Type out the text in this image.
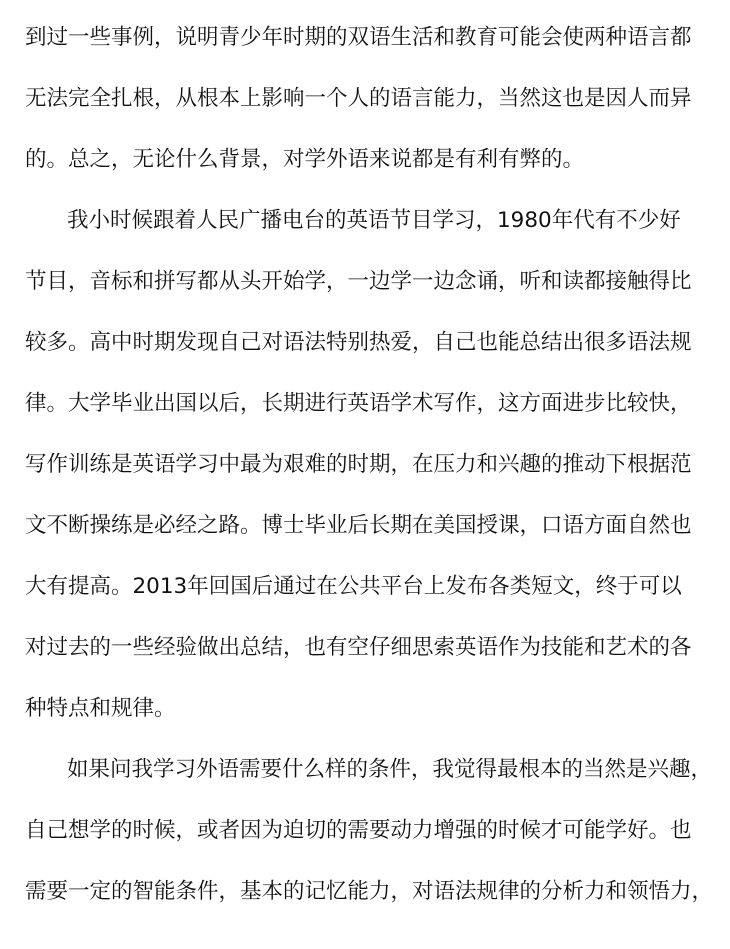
到过一些事例，说明青少年时期的双语生活和教育可能会使两种语言都
无法完全扎根，从根本上影响一个人的语言能力，当然这也是因人而异
的。总之，无论什么背景，对学外语来说都是有利有弊的。
我小时候跟着人民广播电台的英语节目学习，1980年代有不少好
节目，音标和拼写都从头开始学，一边学一边念诵，听和读都接触得比
较多。高中时期发现自己对语法特别热爱，自己也能总结出很多语法规
律。大学毕业出国以后，长期进行英语学术写作，这方面进步比较快，
写作训练是英语学习中最为艰难的时期，在压力和兴趣的推动下根据范
文不断操练是必经之路。博士毕业后长期在美国授课，口语方面自然也
大有提高。2013年回国后通过在公共平台上发布各类短文，终于可以
对过去的一些经验做出总结，也有空仔细思索英语作为技能和艺术的各
种特点和规律。
如果问我学习外语需要什么样的条件，我觉得最根本的当然是兴趣，
自己想学的时候，或者因为迫切的需要动力增强的时候才可能学好。也
需要一定的智能条件，基本的记忆能力，对语法规律的分析力和领悟力，
